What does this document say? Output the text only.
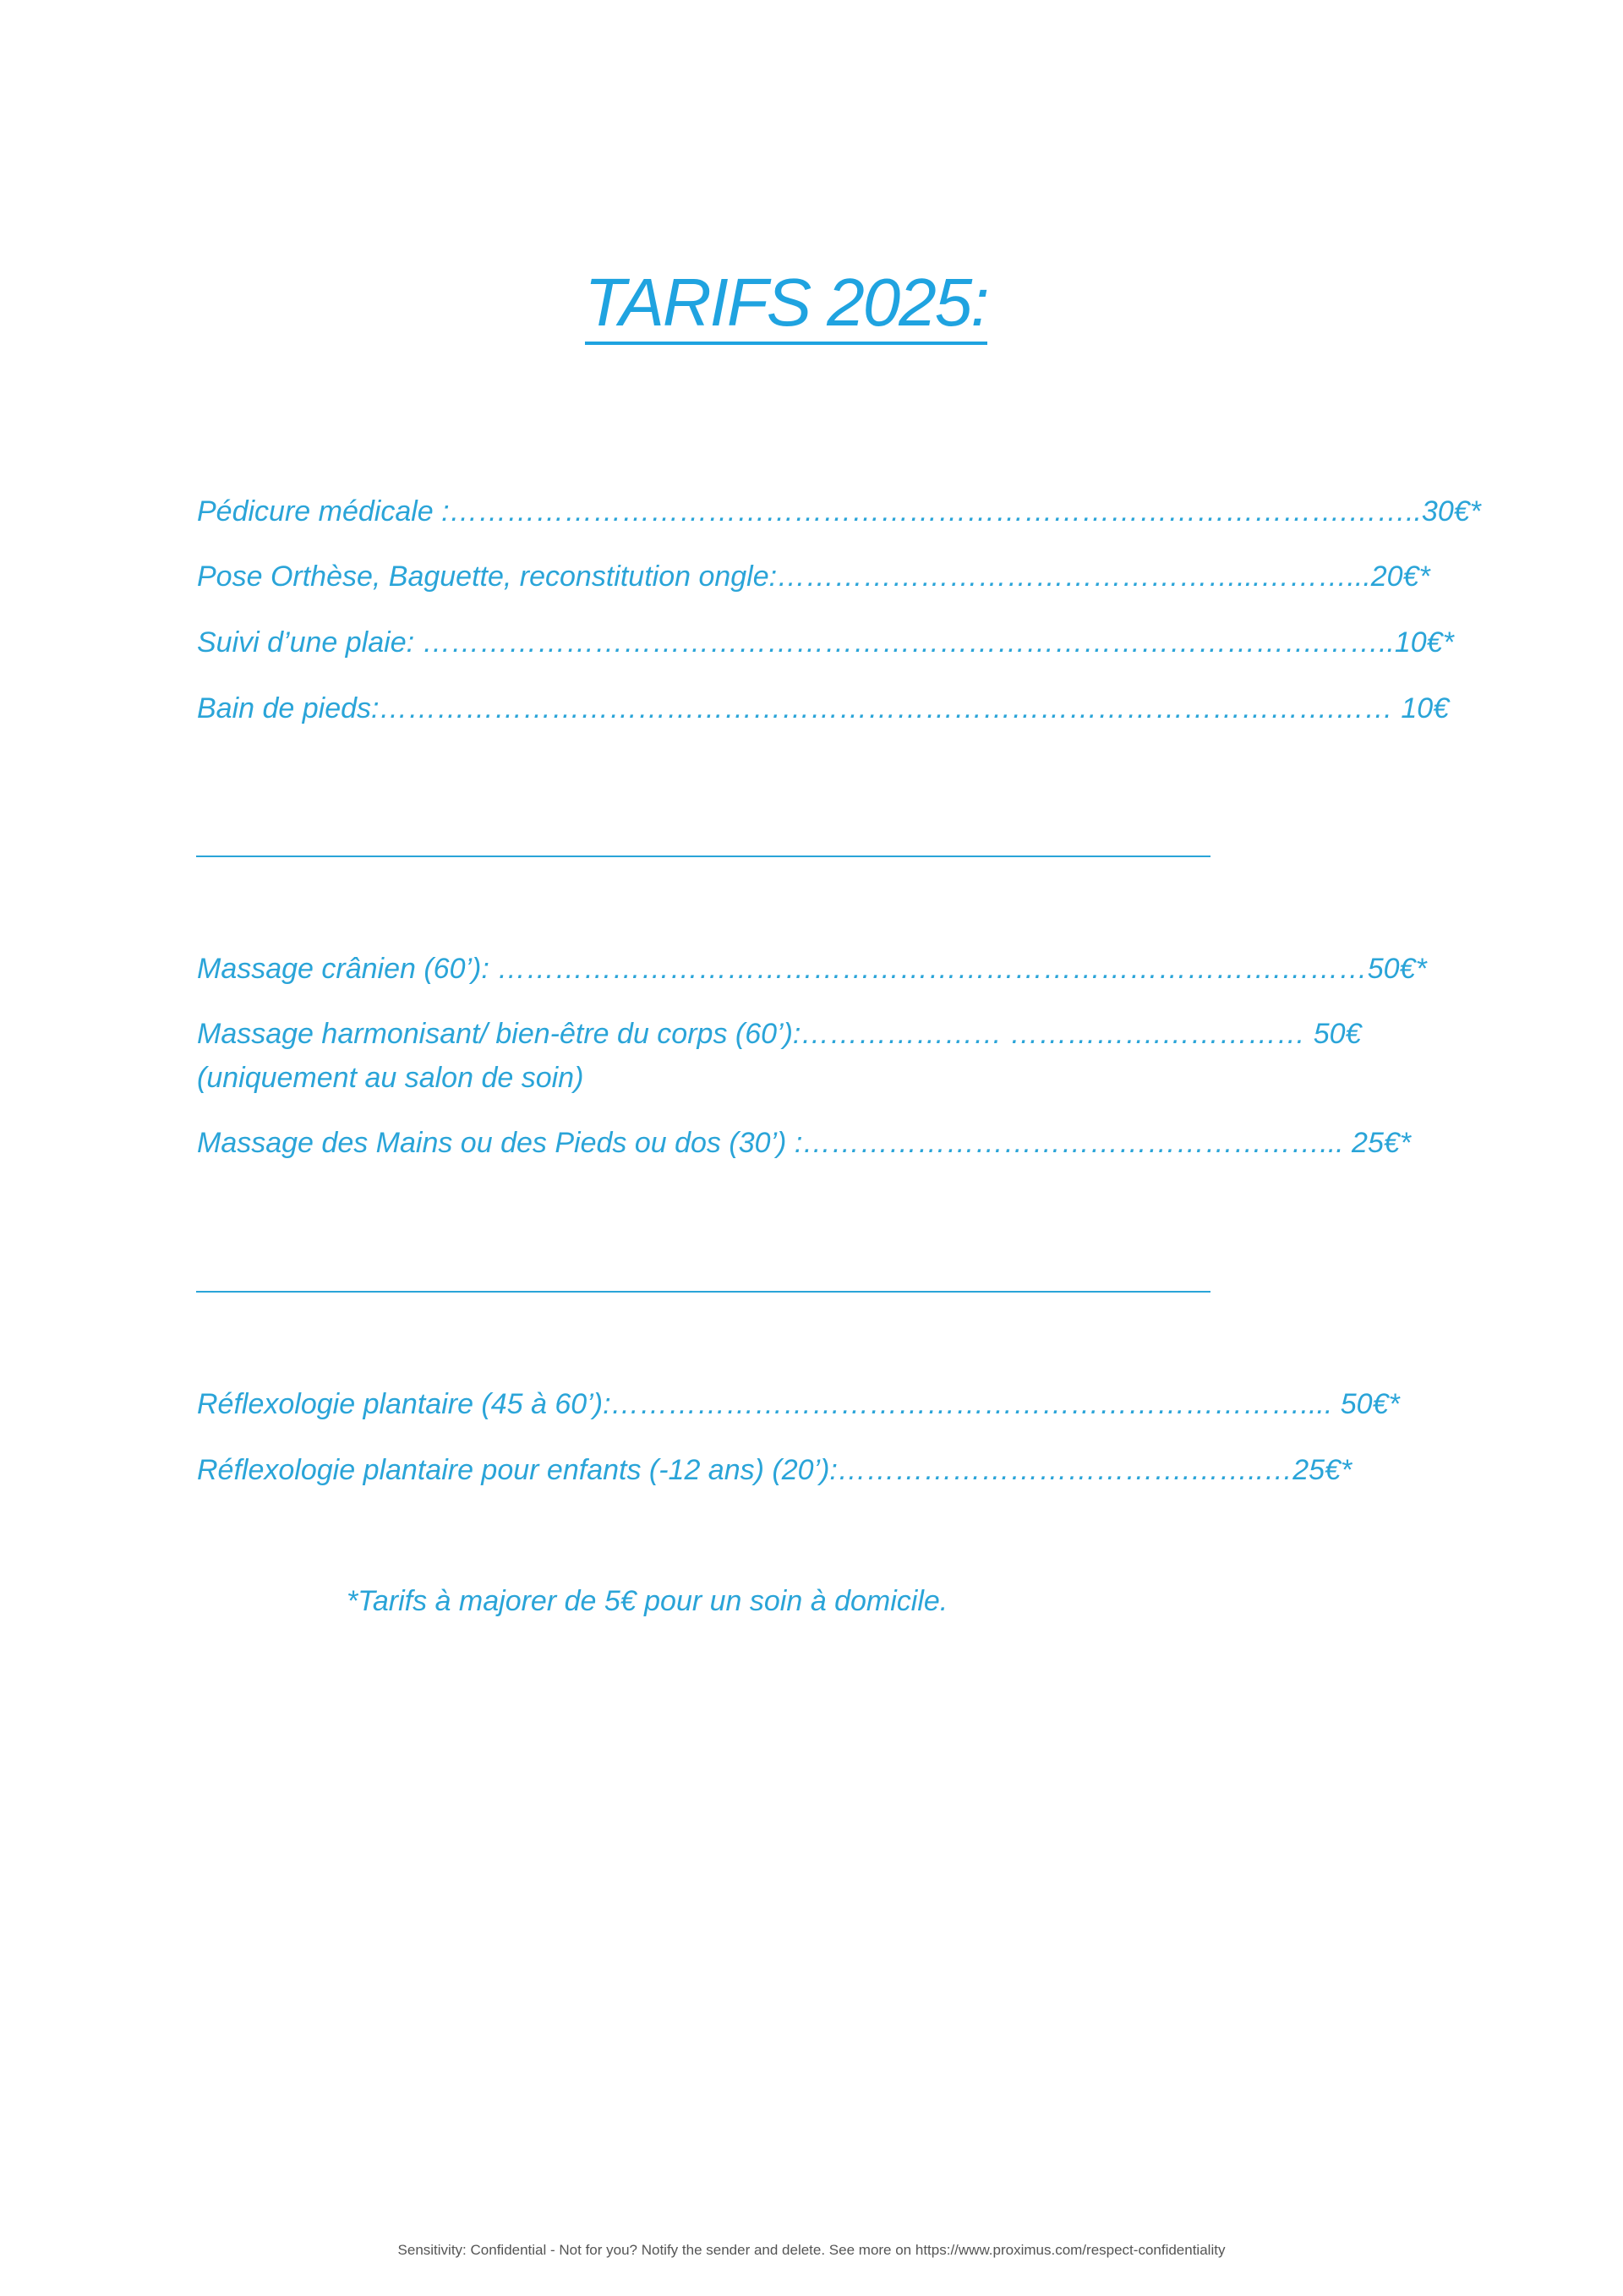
TARIFS 2025:
Pédicure médicale :………………………………………………………………………………….……..30€*
Pose Orthèse, Baguette, reconstitution ongle:…………………………………………...………...20€*
Suivi d’une plaie: ………………………………………………………………………………….……..10€*
Bain de pieds:……………………………………………………………………………………….…… 10€
Massage crânien (60’): ……………………………………………………………………….………50€*
Massage harmonisant/ bien-être du corps (60’):………………… …………….…………… 50€
(uniquement au salon de soin)
Massage des Mains ou des Pieds ou dos (30’) :………………………………………………... 25€*
Réflexologie plantaire (45 à 60’):……………………………………………………………….... 50€*
Réflexologie plantaire pour enfants (-12 ans) (20’):……………………………….……..…25€*
*Tarifs à majorer de 5€ pour un soin à domicile.
Sensitivity: Confidential - Not for you? Notify the sender and delete. See more on https://www.proximus.com/respect-confidentiality
